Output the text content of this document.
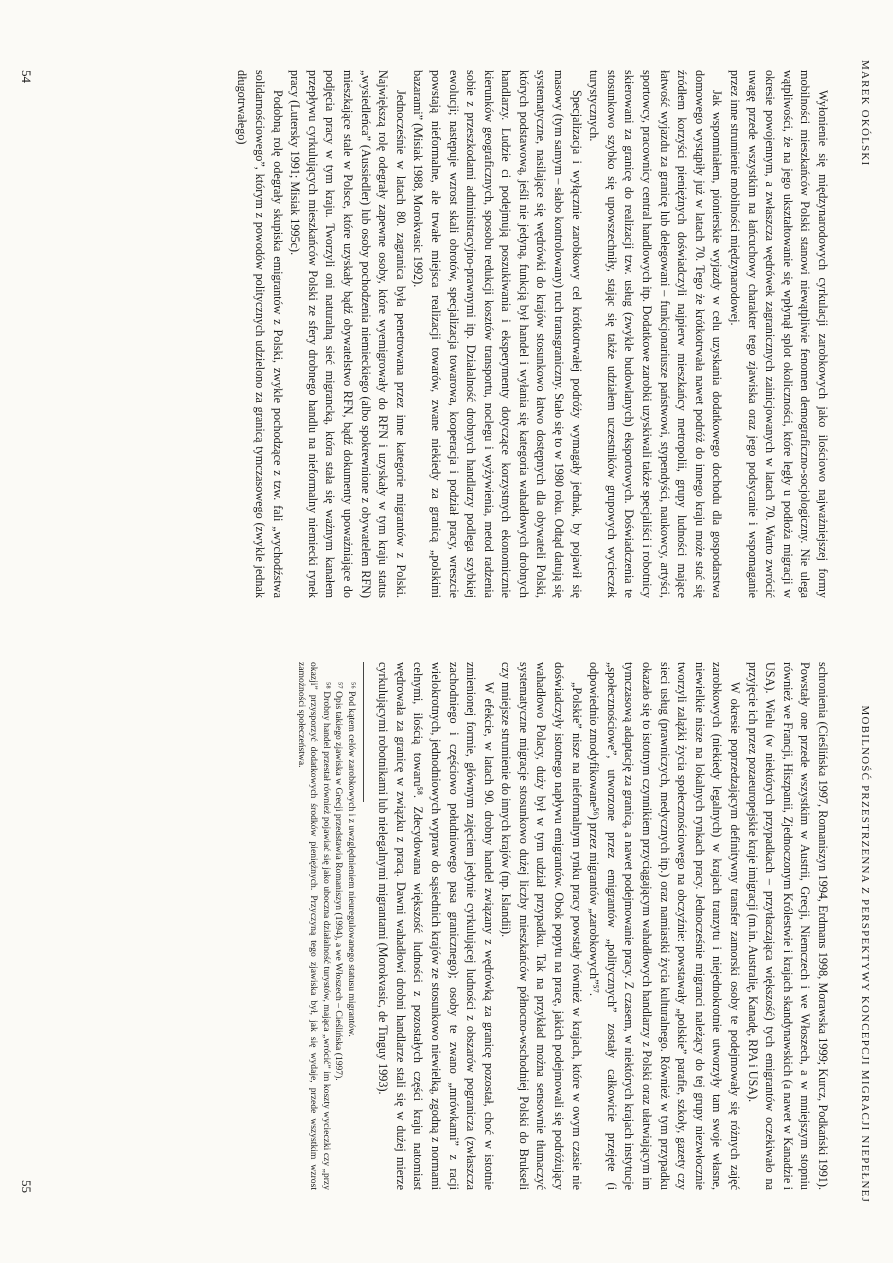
MAREK OKÓLSKI
MOBILNOŚĆ PRZESTRZENNA Z PERSPEKTYWY KONCEPCJI MIGRACJI NIEPEŁNEJ

Wyłonienie się międzynarodowych cyrkulacji zarobkowych jako ilościowo najważniejszej formy mobilności mieszkańców Polski stanowi niewątpliwie fenomen demograficzno-socjologiczny. Nie ulega wątpliwości, że na jego ukształtowanie się wpłynął splot okoliczności, które legły u podłoża migracji w okresie powojennym, a zwłaszcza wędrówek zagranicznych zainicjowanych w latach 70. Warto zwrócić uwagę przede wszystkim na łańcuchowy charakter tego zjawiska oraz jego podsycanie i wspomaganie przez inne strumienie mobilności międzynarodowej.

Jak wspomniałem, pionierskie wyjazdy w celu uzyskania dodatkowego dochodu dla gospodarstwa domowego wystąpiły już w latach 70. Tego że krótkotrwała nawet podróż do innego kraju może stać się źródłem korzyści pieniężnych doświadczyli najpierw mieszkańcy metropolii, grupy ludności mające łatwość wyjazdu za granicę lub delegowani – funkcjonariusze państwowi, stypendyści, naukowcy, artyści, sportowcy, pracownicy central handlowych itp. Dodatkowe zarobki uzyskiwali także specjaliści i robotnicy skierowani za granicę do realizacji tzw. usług (zwykle budowlanych) eksportowych. Doświadczenia te stosunkowo szybko się upowszechniły, stając się także udziałem uczestników grupowych wycieczek turystycznych.

Specjalizacja i wyłącznie zarobkowy cel krótkotrwałej podróży wymagały jednak, by pojawił się masowy (tym samym – słabo kontrolowany) ruch transgraniczny. Stało się to w 1980 roku. Odtąd datują się systematyczne, nasilające się wędrówki do krajów stosunkowo łatwo dostępnych dla obywateli Polski, których podstawową, jeśli nie jedyną, funkcją był handel i wyłania się kategoria wahadłowych drobnych handlarzy. Ludzie ci podejmują poszukiwania i eksperymenty dotyczące korzystnych ekonomicznie kierunków geograficznych, sposobu redukcji kosztów transportu, noclegu i wyżywienia, metod radzenia sobie z przeszkodami administracyjno-prawnymi itp. Działalność drobnych handlarzy podlega szybkiej ewolucji; następuje wzrost skali obrotów, specjalizacja towarowa, kooperacja i podział pracy, wreszcie powstają nieformalne, ale trwałe miejsca realizacji towarów, zwane niekiedy za granicą „polskimi bazarami” (Misiak 1988, Morokvasic 1992).

Jednocześnie w latach 80. zagranica była penetrowana przez inne kategorie migrantów z Polski. Największą rolę odegrały zapewne osoby, które wyemigrowały do RFN i uzyskały w tym kraju status „wysiedleńca” (Aussiedler) lub osoby pochodzenia niemieckiego (albo spokrewnione z obywatelem RFN) mieszkające stale w Polsce, które uzyskały bądź obywatelstwo RFN, bądź dokumenty upoważniające do podjęcia pracy w tym kraju. Tworzyli oni naturalną sieć migrancką, która stała się ważnym kanałem przepływu cyrkulujących mieszkańców Polski ze sfery drobnego handlu na nieformalny niemiecki rynek pracy (Lutersky 1991; Misiak 1995c).

Podobną rolę odegrały skupiska emigrantów z Polski, zwykle pochodzące z tzw. fali „wychodźstwa solidarnościowego”, którym z powodów politycznych udzielono za granicą tymczasowego (zwykle jednak długotrwałego)

schronienia (Cieślińska 1997, Romaniszyn 1994, Erdmans 1998, Morawska 1999; Kurcz, Podkański 1991). Powstały one przede wszystkim w Austrii, Grecji, Niemczech i we Włoszech, a w mniejszym stopniu również we Francji, Hiszpanii, Zjednoczonym Królestwie i krajach skandynawskich (a nawet w Kanadzie i USA). Wielu (w niektórych przypadkach – przytłaczająca większość) tych emigrantów oczekiwało na przyjęcie ich przez pozaeuropejskie kraje imigracji (m.in. Australię, Kanadę, RPA i USA).

W okresie poprzedzającym definitywny transfer zamorski osoby te podejmowały się różnych zajęć zarobkowych (niekiedy legalnych) w krajach tranzytu i niejednokrotnie utworzyły tam swoje własne, niewielkie nisze na lokalnych rynkach pracy. Jednocześnie migranci należący do tej grupy niezwłocznie tworzyli zalążki życia społecznościowego na obczyźnie: powstawały „polskie” parafie, szkoły, gazety czy sieci usług (prawniczych, medycznych itp.) oraz namiastki życia kulturalnego. Również w tym przypadku okazało się to istotnym czynnikiem przyciągającym wahadłowych handlarzy z Polski oraz ułatwiającym im tymczasową adaptację za granicą, a nawet podejmowanie pracy. Z czasem, w niektórych krajach instytucje „społecznościowe”, utworzone przez emigrantów „politycznych” zostały całkowicie przejęte (i odpowiednio zmodyfikowane⁵⁶) przez migrantów „zarobkowych”⁵⁷.

„Polskie” nisze na nieformalnym rynku pracy powstały również w krajach, które w owym czasie nie doświadczyły istotnego napływu emigrantów. Obok popytu na pracę, jakich podejmowali się podróżujący wahadłowo Polacy, duży był w tym udział przypadku. Tak na przykład można sensownie tłumaczyć systematyczne migracje stosunkowo dużej liczby mieszkańców północno-wschodniej Polski do Brukseli czy mniejsze strumienie do innych krajów (np. Islandii).

W efekcie, w latach 90. drobny handel związany z wędrówką za granicę pozostał, choć w istotnie zmienionej formie, głównym zajęciem jedynie cyrkulującej ludności z obszarów pogranicza (zwłaszcza zachodniego i częściowo południowego pasa granicznego); osoby te zwano „mrówkami” z racji wielokrotnych, jednodniowych wypraw do sąsiednich krajów ze stosunkowo niewielką, zgodną z normami celnymi, ilością towaru⁵⁸. Zdecydowana większość ludności z pozostałych części kraju natomiast wędrowała za granicę w związku z pracą. Dawni wahadłowi drobni handlarze stali się w dużej mierze cyrkulującymi robotnikami lub nielegalnymi migrantami (Morokvasic, de Tinguy 1993).

⁵⁶ Pod kątem celów zarobkowych i z uwzględnieniem nieuregulowanego statusu migrantów.

⁵⁷ Opis takiego zjawiska w Grecji przedstawia Romaniszyn (1994), a we Włoszech – Cieślińska (1997).

⁵⁸ Drobny handel przestał również pojawiać się jako uboczna działalność turystów, mająca „wrócić” im koszty wycieczki czy „przy okazji” przysporzyć dodatkowych środków pieniężnych. Przyczyną tego zjawiska był, jak się wydaje, przede wszystkim wzrost zamożności społeczeństwa.

54
55
